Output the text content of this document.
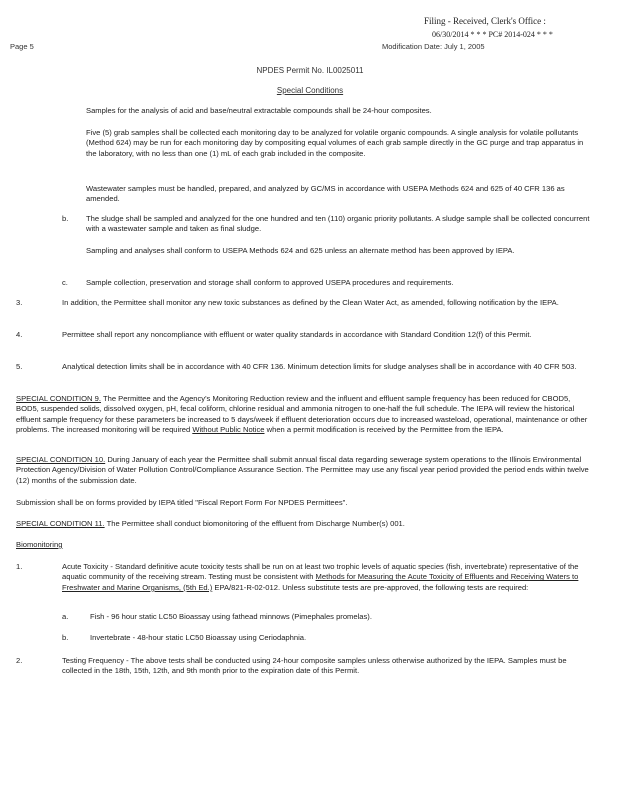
Filing - Received, Clerk's Office :
06/30/2014 * * * PC# 2014-024 * * *
Page 5	Modification Date: July 1, 2005
NPDES Permit No. IL0025011
Special Conditions
Samples for the analysis of acid and base/neutral extractable compounds shall be 24-hour composites.
Five (5) grab samples shall be collected each monitoring day to be analyzed for volatile organic compounds. A single analysis for volatile pollutants (Method 624) may be run for each monitoring day by compositing equal volumes of each grab sample directly in the GC purge and trap apparatus in the laboratory, with no less than one (1) mL of each grab included in the composite.
Wastewater samples must be handled, prepared, and analyzed by GC/MS in accordance with USEPA Methods 624 and 625 of 40 CFR 136 as amended.
b. The sludge shall be sampled and analyzed for the one hundred and ten (110) organic priority pollutants. A sludge sample shall be collected concurrent with a wastewater sample and taken as final sludge.
Sampling and analyses shall conform to USEPA Methods 624 and 625 unless an alternate method has been approved by IEPA.
c. Sample collection, preservation and storage shall conform to approved USEPA procedures and requirements.
3.	In addition, the Permittee shall monitor any new toxic substances as defined by the Clean Water Act, as amended, following notification by the IEPA.
4.	Permittee shall report any noncompliance with effluent or water quality standards in accordance with Standard Condition 12(f) of this Permit.
5.	Analytical detection limits shall be in accordance with 40 CFR 136. Minimum detection limits for sludge analyses shall be in accordance with 40 CFR 503.
SPECIAL CONDITION 9. The Permittee and the Agency's Monitoring Reduction review and the influent and effluent sample frequency has been reduced for CBOD5, BOD5, suspended solids, dissolved oxygen, pH, fecal coliform, chlorine residual and ammonia nitrogen to one-half the full schedule. The IEPA will review the historical effluent sample frequency for these parameters be increased to 5 days/week if effluent deterioration occurs due to increased wasteload, operational, maintenance or other problems. The increased monitoring will be required Without Public Notice when a permit modification is received by the Permittee from the IEPA.
SPECIAL CONDITION 10. During January of each year the Permittee shall submit annual fiscal data regarding sewerage system operations to the Illinois Environmental Protection Agency/Division of Water Pollution Control/Compliance Assurance Section. The Permittee may use any fiscal year period provided the period ends within twelve (12) months of the submission date.
Submission shall be on forms provided by IEPA titled "Fiscal Report Form For NPDES Permittees".
SPECIAL CONDITION 11. The Permittee shall conduct biomonitoring of the effluent from Discharge Number(s) 001.
Biomonitoring
1.	Acute Toxicity - Standard definitive acute toxicity tests shall be run on at least two trophic levels of aquatic species (fish, invertebrate) representative of the aquatic community of the receiving stream. Testing must be consistent with Methods for Measuring the Acute Toxicity of Effluents and Receiving Waters to Freshwater and Marine Organisms, (5th Ed.) EPA/821-R-02-012. Unless substitute tests are pre-approved, the following tests are required:
a.	Fish - 96 hour static LC50 Bioassay using fathead minnows (Pimephales promelas).
b.	Invertebrate - 48-hour static LC50 Bioassay using Ceriodaphnia.
2.	Testing Frequency - The above tests shall be conducted using 24-hour composite samples unless otherwise authorized by the IEPA. Samples must be collected in the 18th, 15th, 12th, and 9th month prior to the expiration date of this Permit.
